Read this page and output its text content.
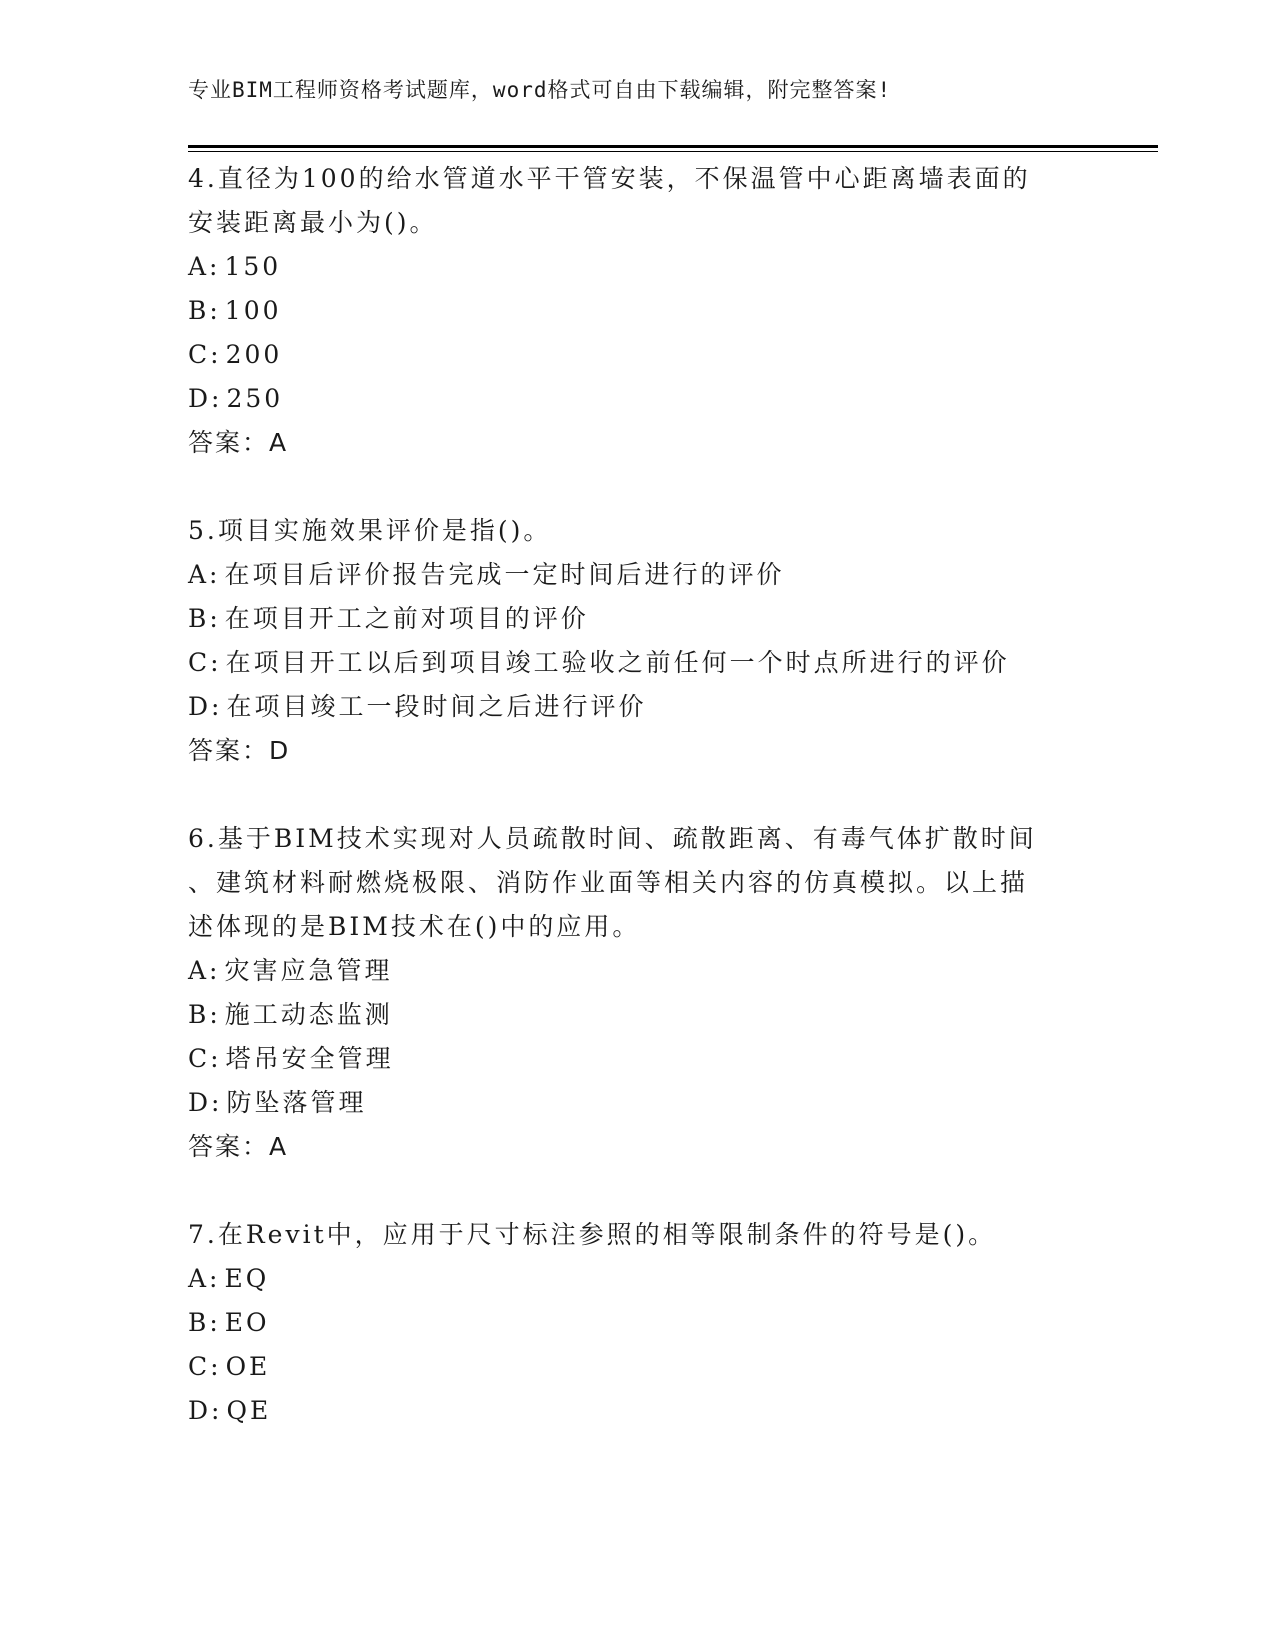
专业BIM工程师资格考试题库，word格式可自由下载编辑，附完整答案!
4.直径为100的给水管道水平干管安装，不保温管中心距离墙表面的
安装距离最小为()。
A: 150
B: 100
C: 200
D: 250
答案：A
5.项目实施效果评价是指()。
A: 在项目后评价报告完成一定时间后进行的评价
B: 在项目开工之前对项目的评价
C: 在项目开工以后到项目竣工验收之前任何一个时点所进行的评价
D: 在项目竣工一段时间之后进行评价
答案：D
6.基于BIM技术实现对人员疏散时间、疏散距离、有毒气体扩散时间
、建筑材料耐燃烧极限、消防作业面等相关内容的仿真模拟。以上描
述体现的是BIM技术在()中的应用。
A: 灾害应急管理
B: 施工动态监测
C: 塔吊安全管理
D: 防坠落管理
答案：A
7.在Revit中，应用于尺寸标注参照的相等限制条件的符号是()。
A: EQ
B: EO
C: OE
D: QE
